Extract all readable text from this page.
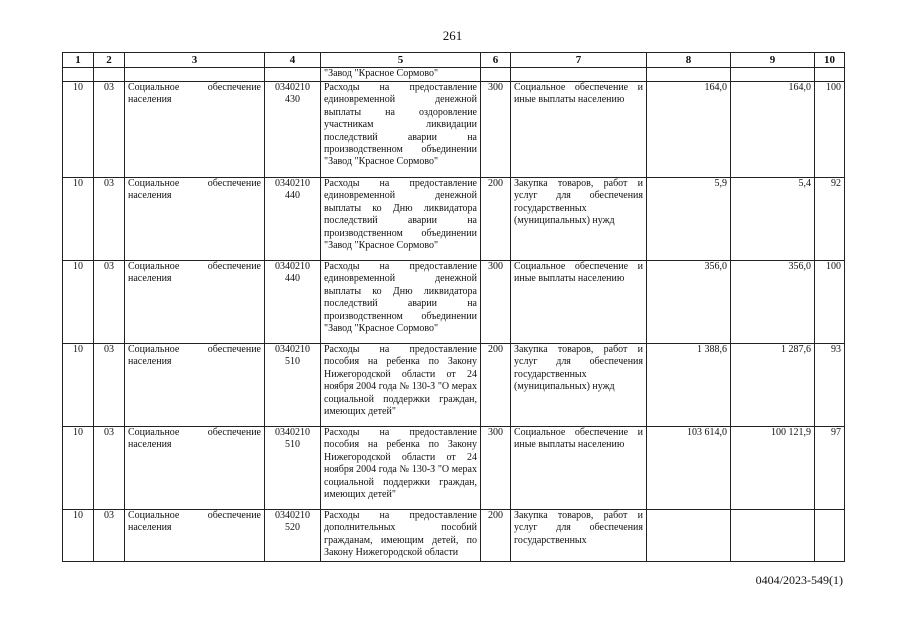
261
1	2	3	4	5	6	7	8	9	10
				"Завод "Красное Сормово"					
10	03	Социальное обеспечение населения	0340210 430	Расходы на предоставление единовременной денежной выплаты на оздоровление участникам ликвидации последствий аварии на производственном объединении "Завод "Красное Сормово"	300	Социальное обеспечение и иные выплаты населению	164,0	164,0	100
10	03	Социальное обеспечение населения	0340210 440	Расходы на предоставление единовременной денежной выплаты ко Дню ликвидатора последствий аварии на производственном объединении "Завод "Красное Сормово"	200	Закупка товаров, работ и услуг для обеспечения государственных (муниципальных) нужд	5,9	5,4	92
10	03	Социальное обеспечение населения	0340210 440	Расходы на предоставление единовременной денежной выплаты ко Дню ликвидатора последствий аварии на производственном объединении "Завод "Красное Сормово"	300	Социальное обеспечение и иные выплаты населению	356,0	356,0	100
10	03	Социальное обеспечение населения	0340210 510	Расходы на предоставление пособия на ребенка по Закону Нижегородской области от 24 ноября 2004 года № 130-З "О мерах социальной поддержки граждан, имеющих детей"	200	Закупка товаров, работ и услуг для обеспечения государственных (муниципальных) нужд	1 388,6	1 287,6	93
10	03	Социальное обеспечение населения	0340210 510	Расходы на предоставление пособия на ребенка по Закону Нижегородской области от 24 ноября 2004 года № 130-З "О мерах социальной поддержки граждан, имеющих детей"	300	Социальное обеспечение и иные выплаты населению	103 614,0	100 121,9	97
10	03	Социальное обеспечение населения	0340210 520	Расходы на предоставление дополнительных пособий гражданам, имеющим детей, по Закону Нижегородской области	200	Закупка товаров, работ и услуг для обеспечения государственных			
0404/2023-549(1)
